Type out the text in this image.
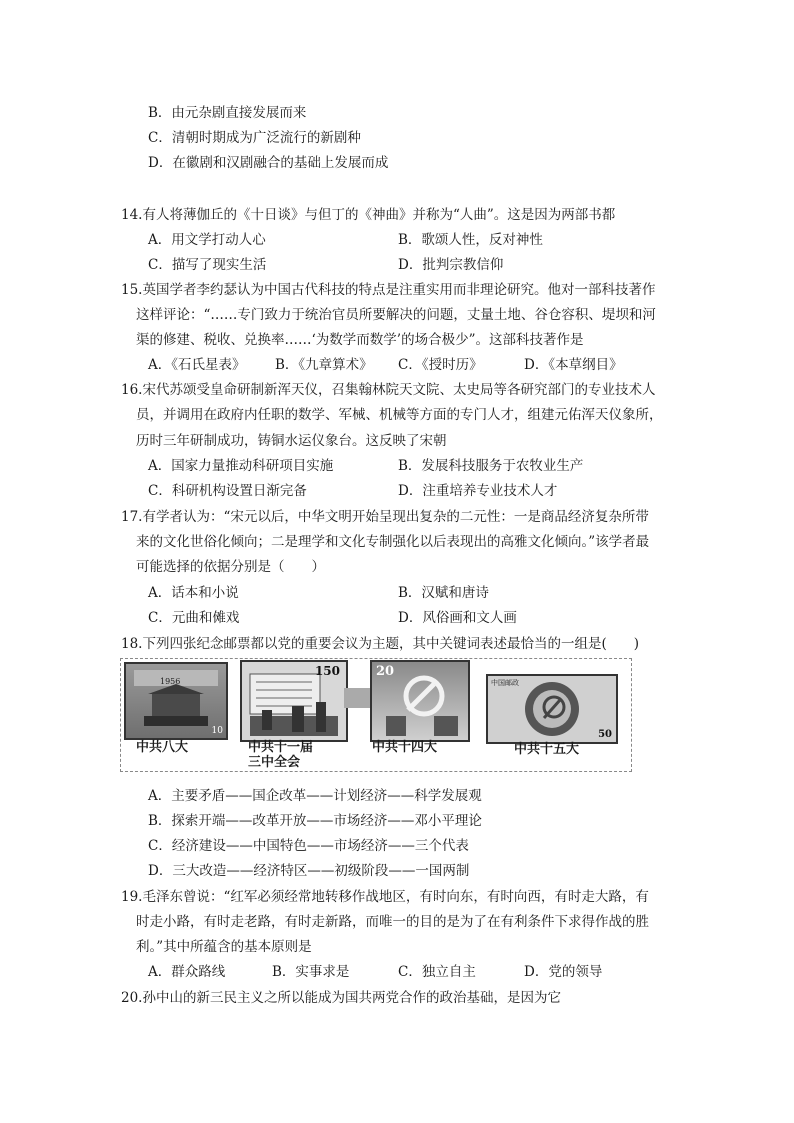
B．由元杂剧直接发展而来
C．清朝时期成为广泛流行的新剧种
D．在徽剧和汉剧融合的基础上发展而成
14.有人将薄伽丘的《十日谈》与但丁的《神曲》并称为“人曲”。这是因为两部书都
A．用文学打动人心	B．歌颂人性，反对神性
C．描写了现实生活	D．批判宗教信仰
15.英国学者李约瑟认为中国古代科技的特点是注重实用而非理论研究。他对一部科技著作
这样评论：“……专门致力于统治官员所要解决的问题，丈量土地、谷仓容积、堤坝和河
渠的修建、税收、兑换率……‘为数学而数学’的场合极少”。这部科技著作是
A．《石氏星表》 B．《九章算术》 C．《授时历》	D．《本草纲目》
16.宋代苏颂受皇命研制新浑天仪，召集翰林院天文院、太史局等各研究部门的专业技术人
员，并调用在政府内任职的数学、军械、机械等方面的专门人才，组建元佑浑天仪象所，
历时三年研制成功，铸铜水运仪象台。这反映了宋朝
A．国家力量推动科研项目实施	B．发展科技服务于农牧业生产
C．科研机构设置日渐完备	D．注重培养专业技术人才
17.有学者认为：“宋元以后，中华文明开始呈现出复杂的二元性：一是商品经济复杂所带
来的文化世俗化倾向；二是理学和文化专制强化以后表现出的高雅文化倾向。”该学者最
可能选择的依据分别是（　　）
A．话本和小说	B．汉赋和唐诗
C．元曲和傩戏	D．风俗画和文人画
18.下列四张纪念邮票都以党的重要会议为主题，其中关键词表述最恰当的一组是(　　)
1956
10
中共八大
150
中共十一届
三中全会
20
中共十四大
中国邮政
50
中共十五大
A．主要矛盾——国企改革——计划经济——科学发展观
B．探索开端——改革开放——市场经济——邓小平理论
C．经济建设——中国特色——市场经济——三个代表
D．三大改造——经济特区——初级阶段——一国两制
19.毛泽东曾说：“红军必须经常地转移作战地区，有时向东，有时向西，有时走大路，有
时走小路，有时走老路，有时走新路，而唯一的目的是为了在有利条件下求得作战的胜
利。”其中所蕴含的基本原则是
A．群众路线	B．实事求是	C．独立自主	D．党的领导
20.孙中山的新三民主义之所以能成为国共两党合作的政治基础，是因为它
